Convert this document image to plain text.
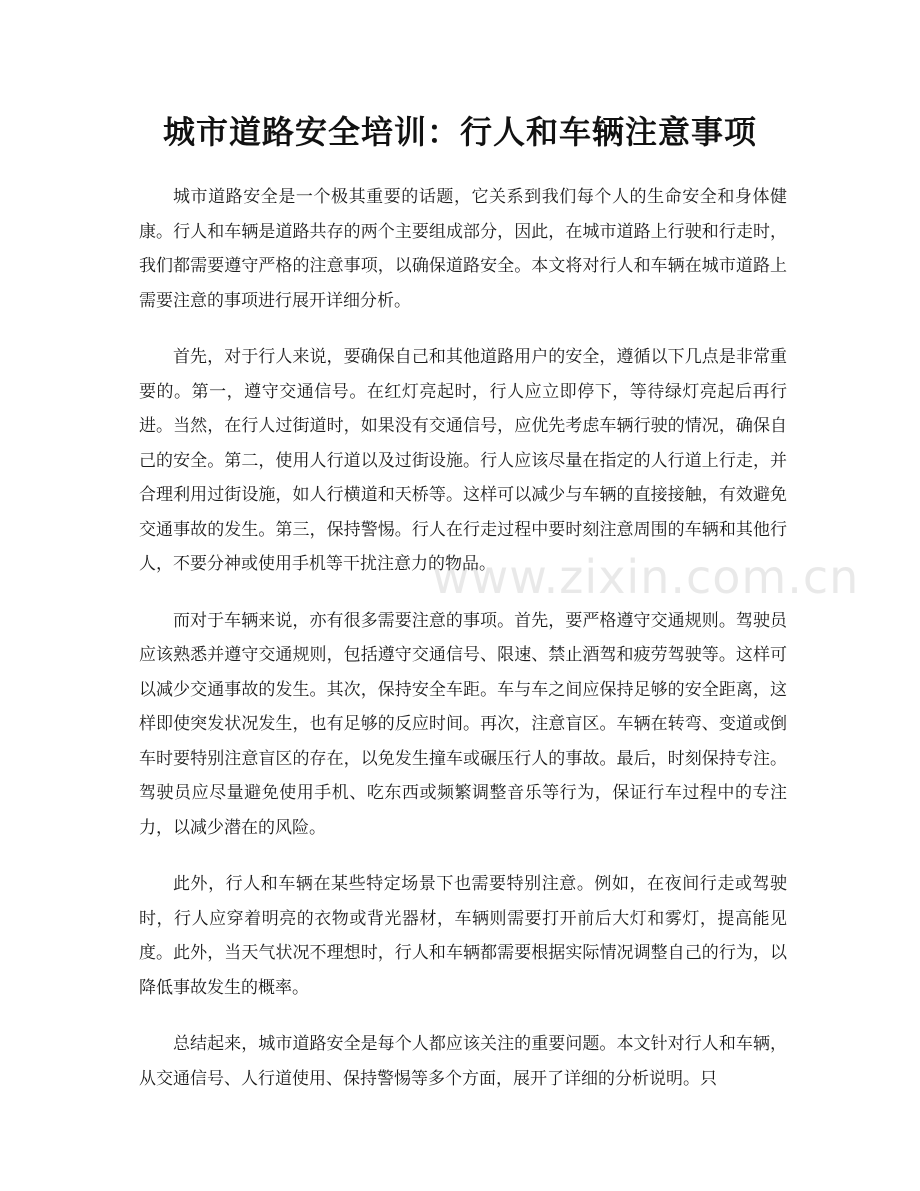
城市道路安全培训：行人和车辆注意事项

城市道路安全是一个极其重要的话题，它关系到我们每个人的生命安全和身体健康。行人和车辆是道路共存的两个主要组成部分，因此，在城市道路上行驶和行走时，我们都需要遵守严格的注意事项，以确保道路安全。本文将对行人和车辆在城市道路上需要注意的事项进行展开详细分析。

首先，对于行人来说，要确保自己和其他道路用户的安全，遵循以下几点是非常重要的。第一，遵守交通信号。在红灯亮起时，行人应立即停下，等待绿灯亮起后再行进。当然，在行人过街道时，如果没有交通信号，应优先考虑车辆行驶的情况，确保自己的安全。第二，使用人行道以及过街设施。行人应该尽量在指定的人行道上行走，并合理利用过街设施，如人行横道和天桥等。这样可以减少与车辆的直接接触，有效避免交通事故的发生。第三，保持警惕。行人在行走过程中要时刻注意周围的车辆和其他行人，不要分神或使用手机等干扰注意力的物品。

而对于车辆来说，亦有很多需要注意的事项。首先，要严格遵守交通规则。驾驶员应该熟悉并遵守交通规则，包括遵守交通信号、限速、禁止酒驾和疲劳驾驶等。这样可以减少交通事故的发生。其次，保持安全车距。车与车之间应保持足够的安全距离，这样即使突发状况发生，也有足够的反应时间。再次，注意盲区。车辆在转弯、变道或倒车时要特别注意盲区的存在，以免发生撞车或碾压行人的事故。最后，时刻保持专注。驾驶员应尽量避免使用手机、吃东西或频繁调整音乐等行为，保证行车过程中的专注力，以减少潜在的风险。

此外，行人和车辆在某些特定场景下也需要特别注意。例如，在夜间行走或驾驶时，行人应穿着明亮的衣物或背光器材，车辆则需要打开前后大灯和雾灯，提高能见度。此外，当天气状况不理想时，行人和车辆都需要根据实际情况调整自己的行为，以降低事故发生的概率。

总结起来，城市道路安全是每个人都应该关注的重要问题。本文针对行人和车辆，从交通信号、人行道使用、保持警惕等多个方面，展开了详细的分析说明。只

www.zixin.com.cn
